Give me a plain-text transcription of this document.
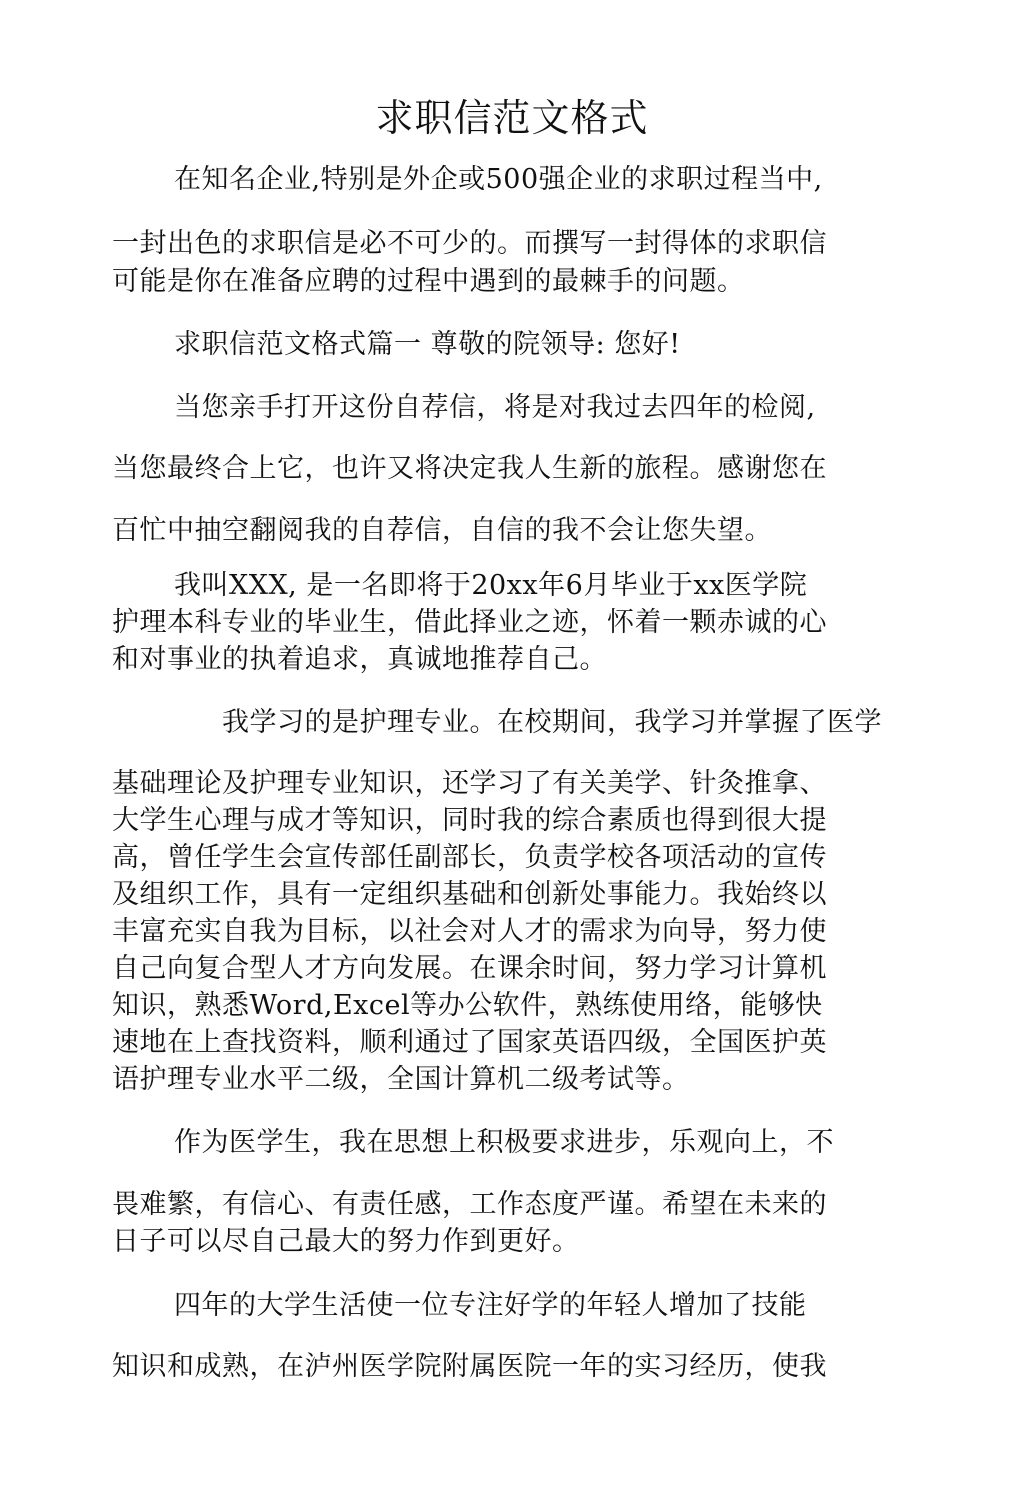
求职信范文格式
在知名企业,特别是外企或500强企业的求职过程当中,
一封出色的求职信是必不可少的。而撰写一封得体的求职信
可能是你在准备应聘的过程中遇到的最棘手的问题。
求职信范文格式篇一 尊敬的院领导: 您好!
当您亲手打开这份自荐信，将是对我过去四年的检阅,
当您最终合上它，也许又将决定我人生新的旅程。感谢您在
百忙中抽空翻阅我的自荐信，自信的我不会让您失望。
我叫XXX, 是一名即将于20xx年6月毕业于xx医学院
护理本科专业的毕业生，借此择业之迹，怀着一颗赤诚的心
和对事业的执着追求，真诚地推荐自己。
我学习的是护理专业。在校期间，我学习并掌握了医学
基础理论及护理专业知识，还学习了有关美学、针灸推拿、
大学生心理与成才等知识，同时我的综合素质也得到很大提
高，曾任学生会宣传部任副部长，负责学校各项活动的宣传
及组织工作，具有一定组织基础和创新处事能力。我始终以
丰富充实自我为目标，以社会对人才的需求为向导，努力使
自己向复合型人才方向发展。在课余时间，努力学习计算机
知识，熟悉Word,Excel等办公软件，熟练使用络，能够快
速地在上查找资料，顺利通过了国家英语四级，全国医护英
语护理专业水平二级，全国计算机二级考试等。
作为医学生，我在思想上积极要求进步，乐观向上，不
畏难繁，有信心、有责任感，工作态度严谨。希望在未来的
日子可以尽自己最大的努力作到更好。
四年的大学生活使一位专注好学的年轻人增加了技能
知识和成熟，在泸州医学院附属医院一年的实习经历，使我
